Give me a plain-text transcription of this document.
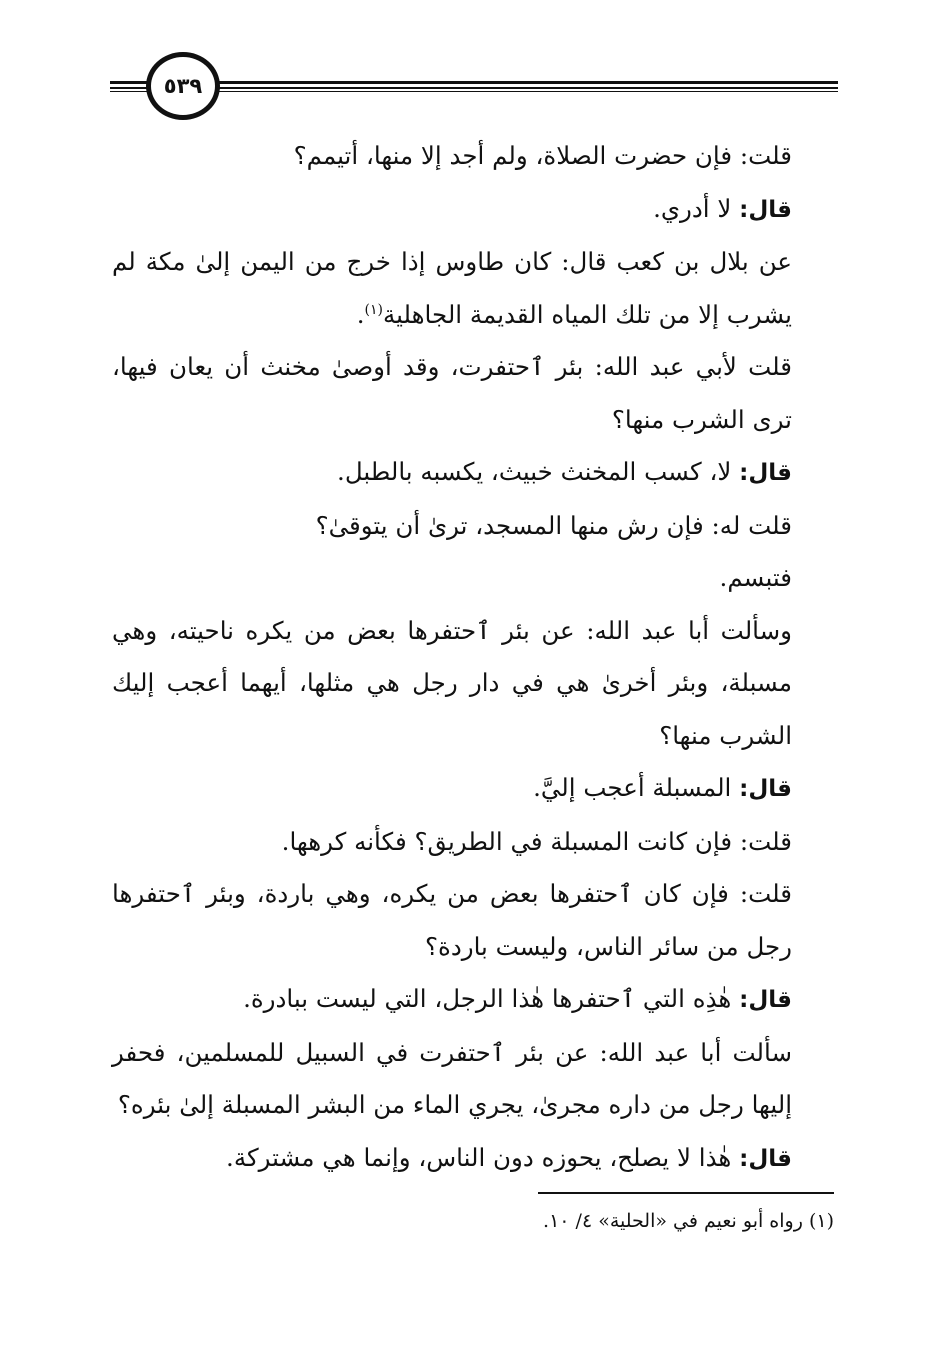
٥٣٩

قلت: فإن حضرت الصلاة، ولم أجد إلا منها، أتيمم؟

قال: لا أدري.

عن بلال بن كعب قال: كان طاوس إذا خرج من اليمن إلىٰ مكة لم يشرب إلا من تلك المياه القديمة الجاهلية$^{(١)}$.

قلت لأبي عبد الله: بئر ٱحتفرت، وقد أوصىٰ مخنث أن يعان فيها، ترى الشرب منها؟

قال: لا، كسب المخنث خبيث، يكسبه بالطبل.

قلت له: فإن رش منها المسجد، ترىٰ أن يتوقىٰ؟

فتبسم.

وسألت أبا عبد الله: عن بئر ٱحتفرها بعض من يكره ناحيته، وهي مسبلة، وبئر أخرىٰ هي في دار رجل هي مثلها، أيهما أعجب إليك الشرب منها؟

قال: المسبلة أعجب إليَّ.

قلت: فإن كانت المسبلة في الطريق؟ فكأنه كرهها.

قلت: فإن كان ٱحتفرها بعض من يكره، وهي باردة، وبئر ٱحتفرها رجل من سائر الناس، وليست باردة؟

قال: هٰذِه التي ٱحتفرها هٰذا الرجل، التي ليست ببادرة.

سألت أبا عبد الله: عن بئر ٱحتفرت في السبيل للمسلمين، فحفر إليها رجل من داره مجرىٰ، يجري الماء من البشر المسبلة إلىٰ بئره؟

قال: هٰذا لا يصلح، يحوزه دون الناس، وإنما هي مشتركة.

(١) رواه أبو نعيم في «الحلية» ٤/ ١٠.
